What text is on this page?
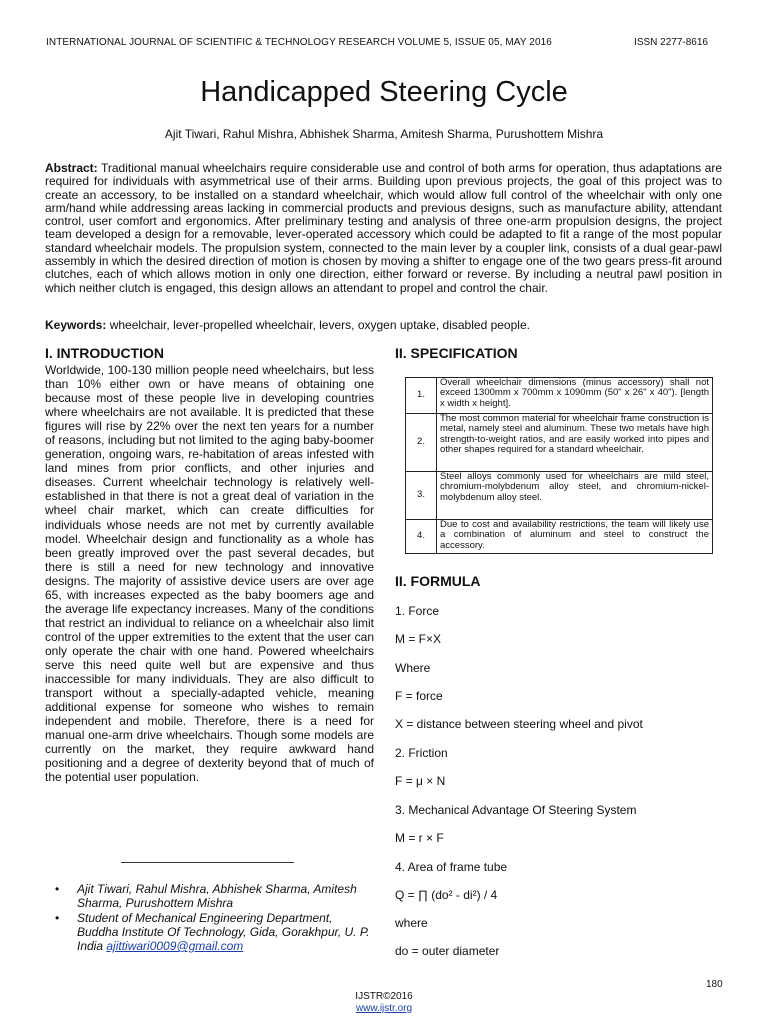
INTERNATIONAL JOURNAL OF SCIENTIFIC & TECHNOLOGY RESEARCH VOLUME 5, ISSUE 05, MAY 2016	ISSN 2277-8616
Handicapped Steering Cycle
Ajit Tiwari, Rahul Mishra, Abhishek Sharma, Amitesh Sharma, Purushottem Mishra
Abstract: Traditional manual wheelchairs require considerable use and control of both arms for operation, thus adaptations are required for individuals with asymmetrical use of their arms. Building upon previous projects, the goal of this project was to create an accessory, to be installed on a standard wheelchair, which would allow full control of the wheelchair with only one arm/hand while addressing areas lacking in commercial products and previous designs, such as manufacture ability, attendant control, user comfort and ergonomics. After preliminary testing and analysis of three one-arm propulsion designs, the project team developed a design for a removable, lever-operated accessory which could be adapted to fit a range of the most popular standard wheelchair models. The propulsion system, connected to the main lever by a coupler link, consists of a dual gear-pawl assembly in which the desired direction of motion is chosen by moving a shifter to engage one of the two gears press-fit around clutches, each of which allows motion in only one direction, either forward or reverse. By including a neutral pawl position in which neither clutch is engaged, this design allows an attendant to propel and control the chair.
Keywords: wheelchair, lever-propelled wheelchair, levers, oxygen uptake, disabled people.
I. INTRODUCTION
Worldwide, 100-130 million people need wheelchairs, but less than 10% either own or have means of obtaining one because most of these people live in developing countries where wheelchairs are not available. It is predicted that these figures will rise by 22% over the next ten years for a number of reasons, including but not limited to the aging baby-boomer generation, ongoing wars, re-habitation of areas infested with land mines from prior conflicts, and other injuries and diseases. Current wheelchair technology is relatively well-established in that there is not a great deal of variation in the wheel chair market, which can create difficulties for individuals whose needs are not met by currently available model. Wheelchair design and functionality as a whole has been greatly improved over the past several decades, but there is still a need for new technology and innovative designs. The majority of assistive device users are over age 65, with increases expected as the baby boomers age and the average life expectancy increases. Many of the conditions that restrict an individual to reliance on a wheelchair also limit control of the upper extremities to the extent that the user can only operate the chair with one hand. Powered wheelchairs serve this need quite well but are expensive and thus inaccessible for many individuals. They are also difficult to transport without a specially-adapted vehicle, meaning additional expense for someone who wishes to remain independent and mobile. Therefore, there is a need for manual one-arm drive wheelchairs. Though some models are currently on the market, they require awkward hand positioning and a degree of dexterity beyond that of much of the potential user population.
• Ajit Tiwari, Rahul Mishra, Abhishek Sharma, Amitesh Sharma, Purushottem Mishra
• Student of Mechanical Engineering Department, Buddha Institute Of Technology, Gida, Gorakhpur, U. P. India ajittiwari0009@gmail.com
II. SPECIFICATION
1.	Overall wheelchair dimensions (minus accessory) shall not exceed 1300mm x 700mm x 1090mm (50" x 26" x 40"). [length x width x height].
2.	The most common material for wheelchair frame construction is metal, namely steel and aluminum. These two metals have high strength-to-weight ratios, and are easily worked into pipes and other shapes required for a standard wheelchair.
3.	Steel alloys commonly used for wheelchairs are mild steel, chromium-molybdenum alloy steel, and chromium-nickel-molybdenum alloy steel.
4.	Due to cost and availability restrictions, the team will likely use a combination of aluminum and steel to construct the accessory.
II. FORMULA
1. Force
M = F×X
Where
F = force
X = distance between steering wheel and pivot
2. Friction
F = μ × N
3. Mechanical Advantage Of Steering System
M = r × F
4. Area of frame tube
Q = ∏ (do² - di²) / 4
where
do = outer diameter
180
IJSTR©2016
www.ijstr.org
